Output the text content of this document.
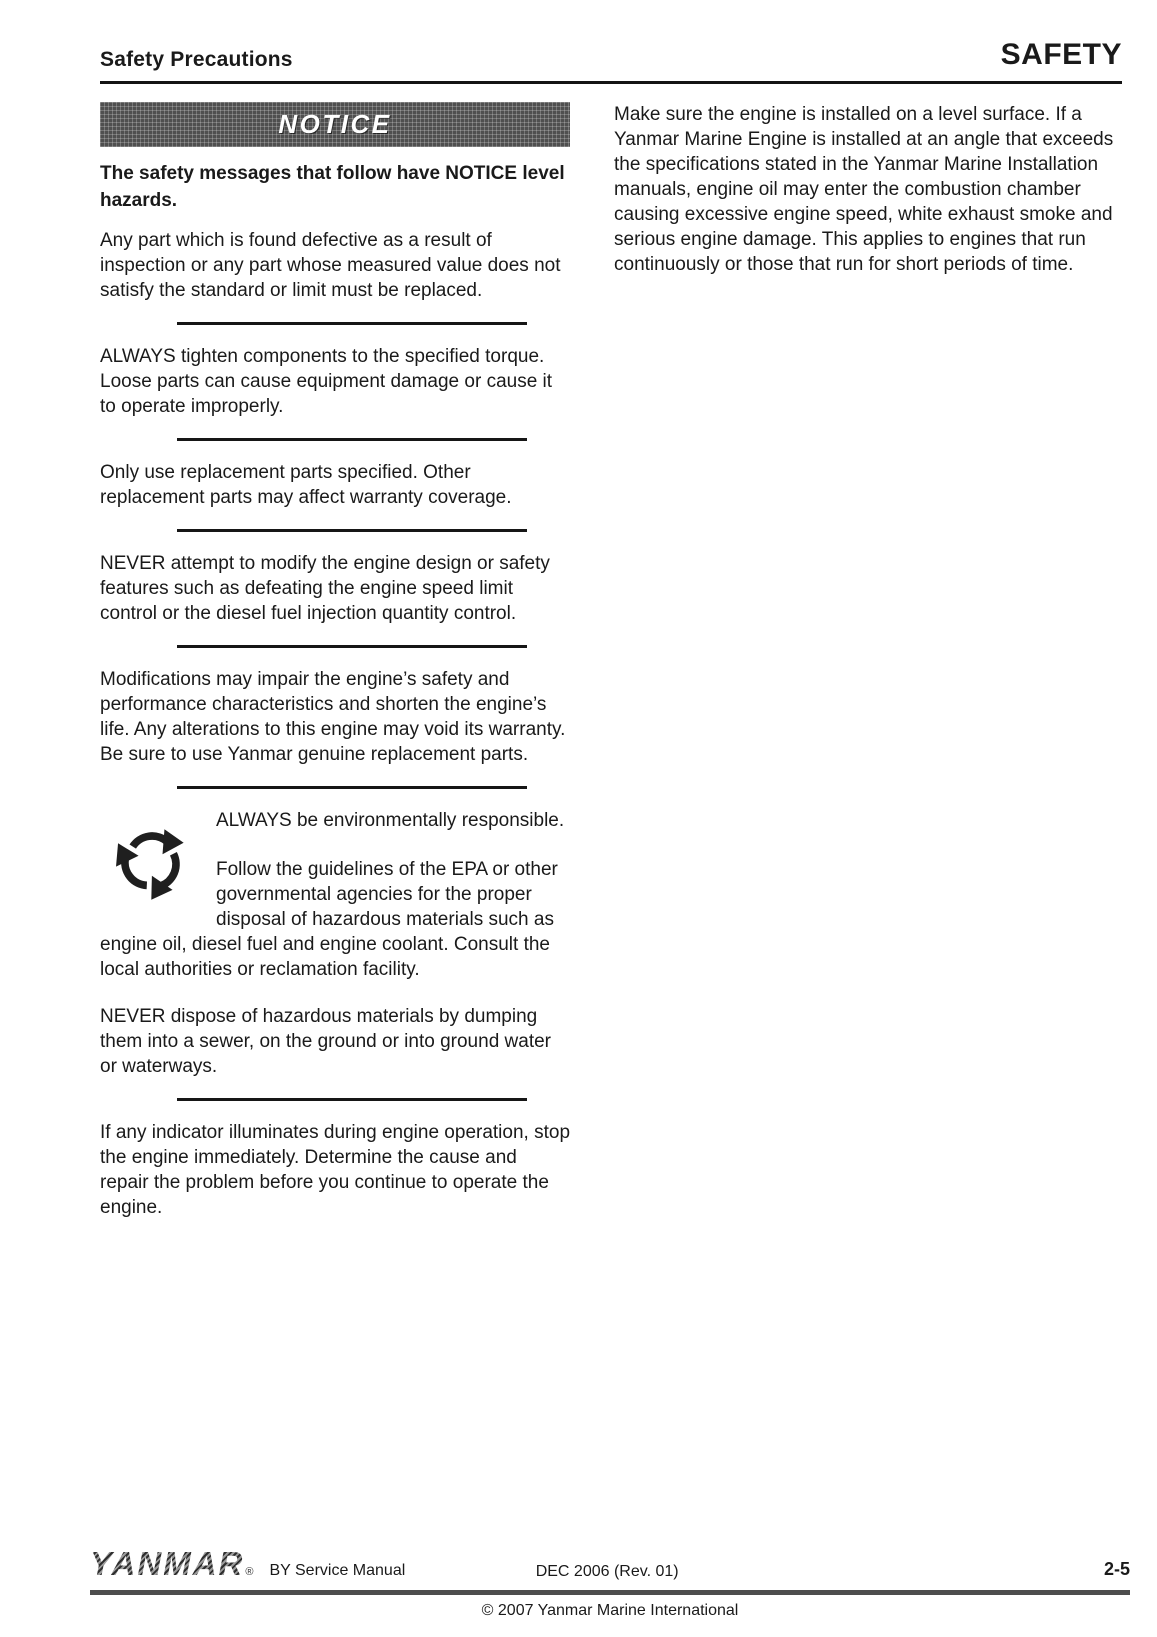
Safety Precautions	SAFETY
NOTICE
The safety messages that follow have NOTICE level hazards.

Any part which is found defective as a result of inspection or any part whose measured value does not satisfy the standard or limit must be replaced.

ALWAYS tighten components to the specified torque. Loose parts can cause equipment damage or cause it to operate improperly.

Only use replacement parts specified. Other replacement parts may affect warranty coverage.

NEVER attempt to modify the engine design or safety features such as defeating the engine speed limit control or the diesel fuel injection quantity control.

Modifications may impair the engine’s safety and performance characteristics and shorten the engine’s life. Any alterations to this engine may void its warranty. Be sure to use Yanmar genuine replacement parts.

ALWAYS be environmentally responsible.

Follow the guidelines of the EPA or other governmental agencies for the proper disposal of hazardous materials such as engine oil, diesel fuel and engine coolant. Consult the local authorities or reclamation facility.

NEVER dispose of hazardous materials by dumping them into a sewer, on the ground or into ground water or waterways.

If any indicator illuminates during engine operation, stop the engine immediately. Determine the cause and repair the problem before you continue to operate the engine.

Make sure the engine is installed on a level surface. If a Yanmar Marine Engine is installed at an angle that exceeds the specifications stated in the Yanmar Marine Installation manuals, engine oil may enter the combustion chamber causing excessive engine speed, white exhaust smoke and serious engine damage. This applies to engines that run continuously or those that run for short periods of time.

YANMAR® BY Service Manual	DEC 2006 (Rev. 01)	2-5
© 2007 Yanmar Marine International
